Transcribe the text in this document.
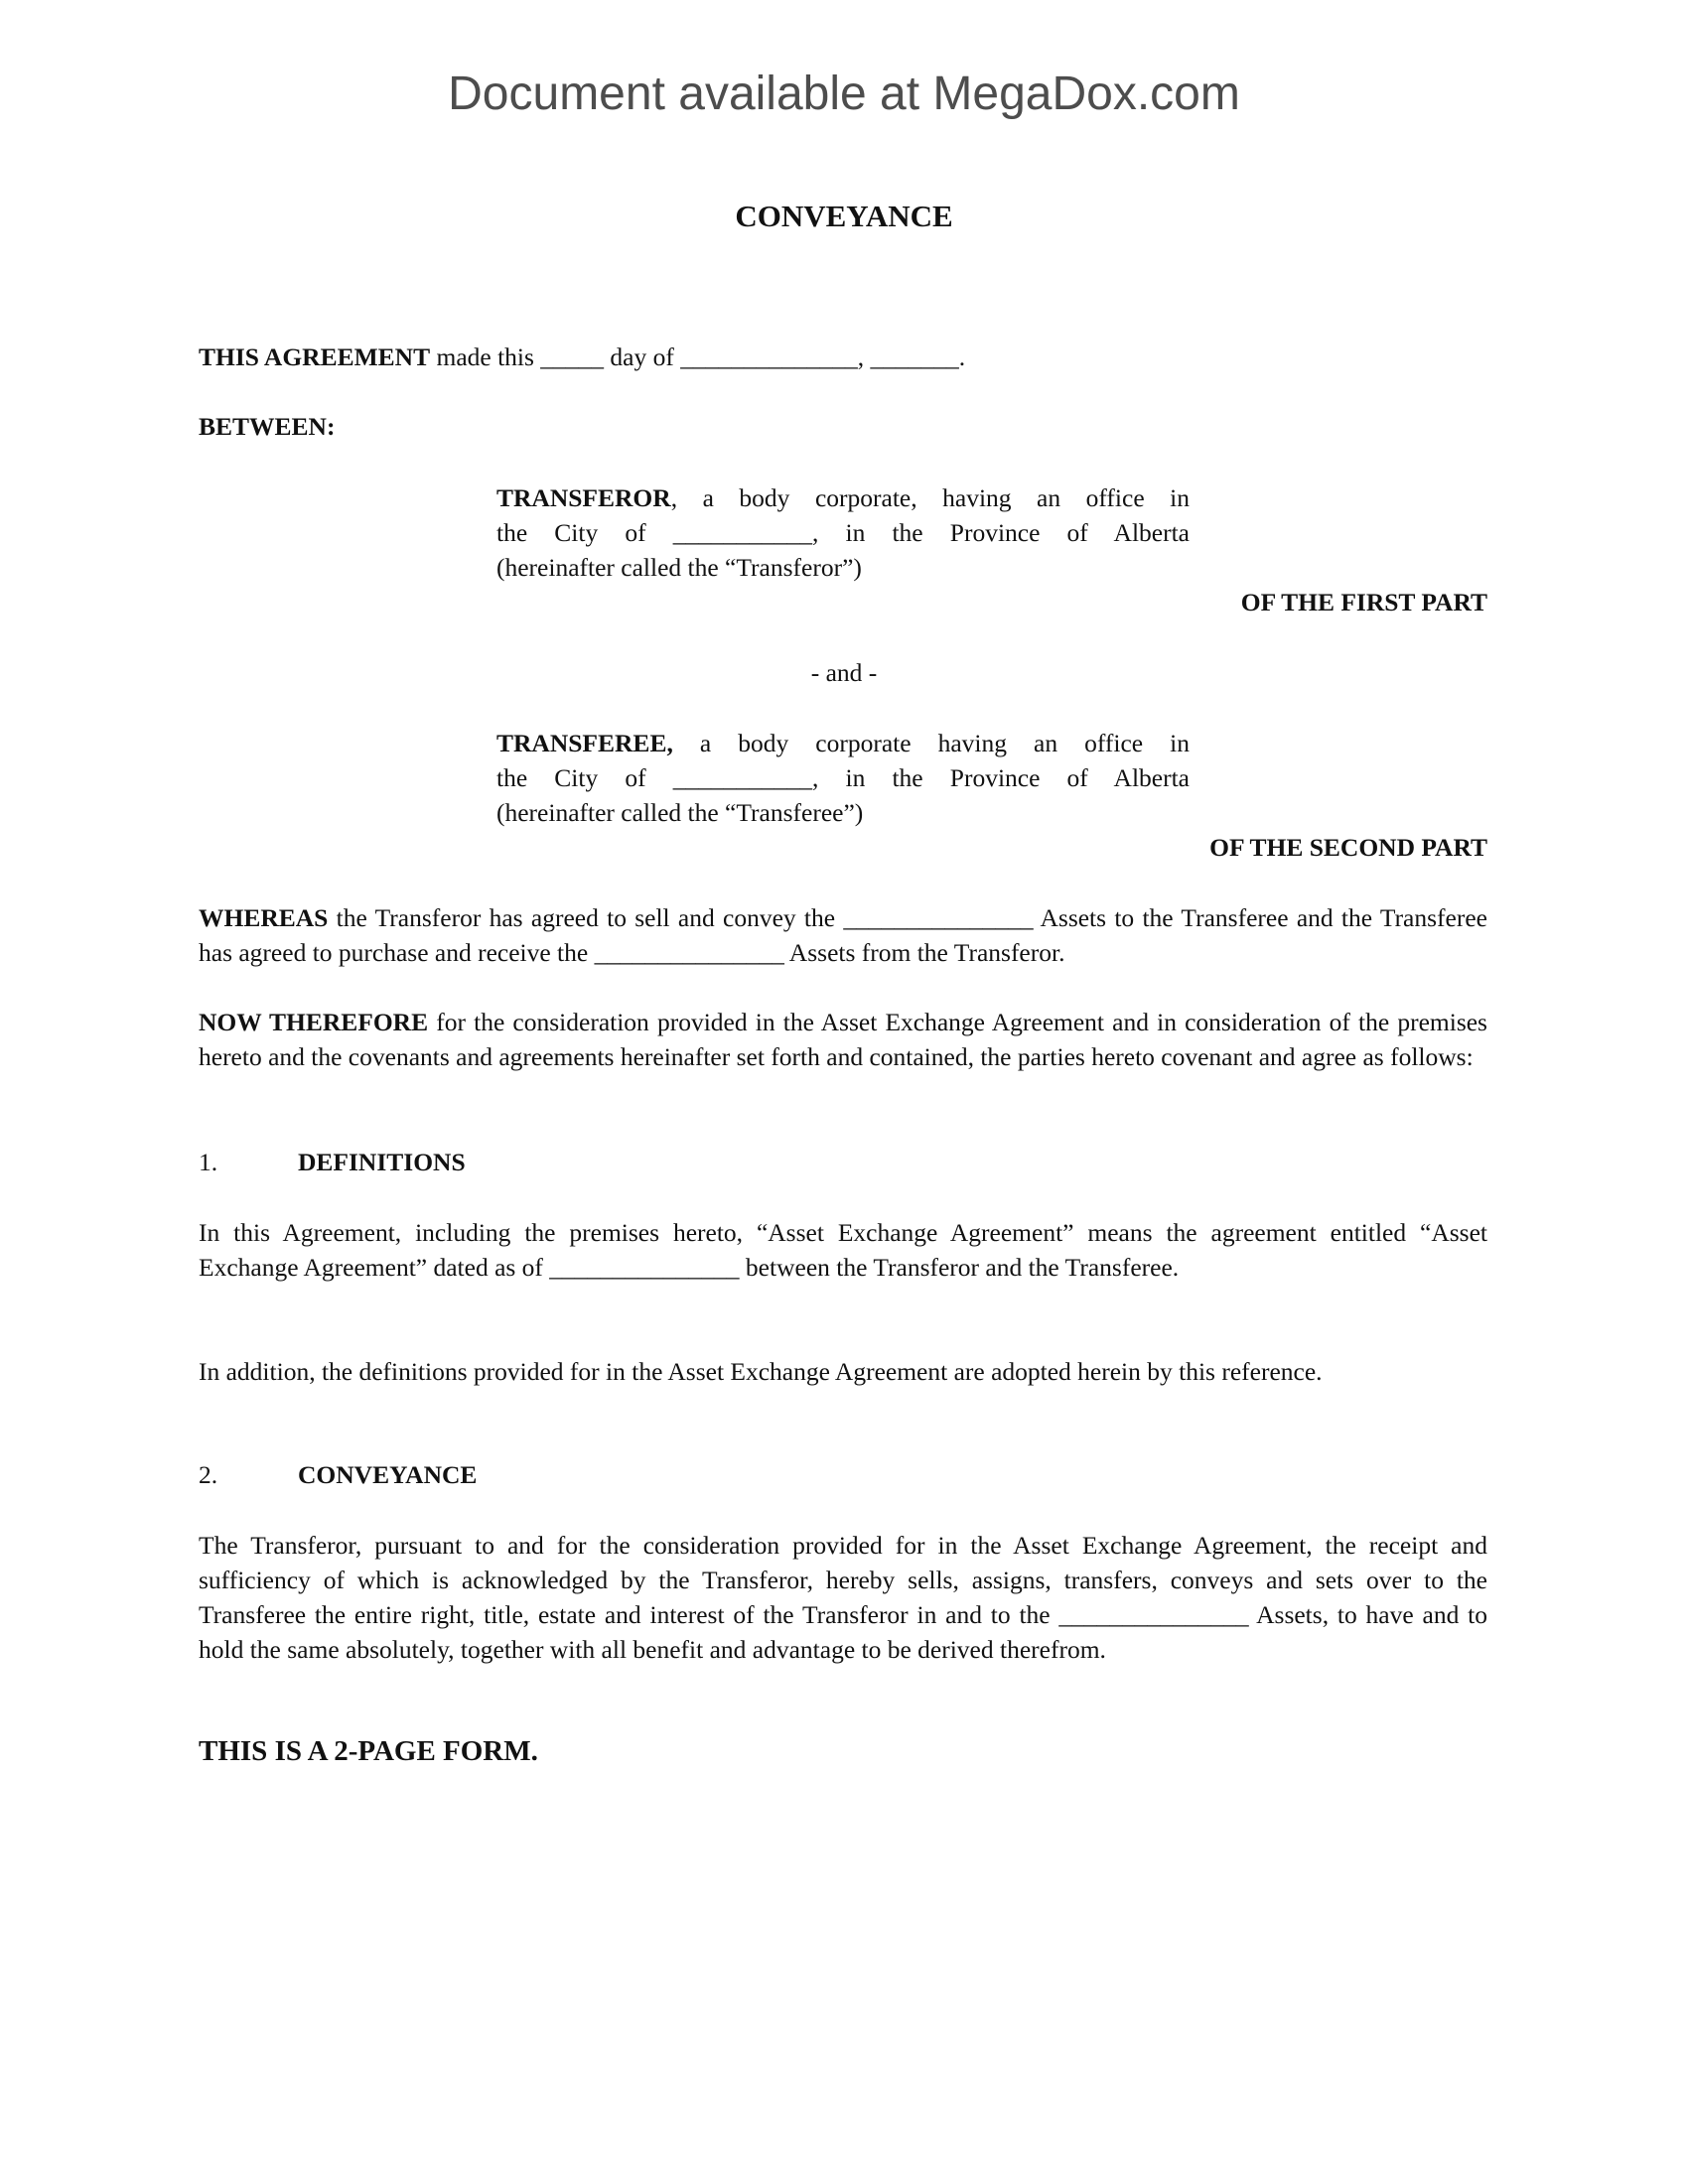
Document available at MegaDox.com
CONVEYANCE
THIS AGREEMENT made this _____ day of ______________, _______.
BETWEEN:
TRANSFEROR, a body corporate, having an office in
the City of ___________, in the Province of Alberta
(hereinafter called the “Transferor”)
OF THE FIRST PART
- and -
TRANSFEREE, a body corporate having an office in
the City of ___________, in the Province of Alberta
(hereinafter called the “Transferee”)
OF THE SECOND PART
WHEREAS the Transferor has agreed to sell and convey the _______________ Assets to the Transferee and the Transferee has agreed to purchase and receive the _______________ Assets from the Transferor.
NOW THEREFORE for the consideration provided in the Asset Exchange Agreement and in consideration of the premises hereto and the covenants and agreements hereinafter set forth and contained, the parties hereto covenant and agree as follows:
1.	DEFINITIONS
In this Agreement, including the premises hereto, “Asset Exchange Agreement” means the agreement entitled “Asset Exchange Agreement” dated as of _______________ between the Transferor and the Transferee.
In addition, the definitions provided for in the Asset Exchange Agreement are adopted herein by this reference.
2.	CONVEYANCE
The Transferor, pursuant to and for the consideration provided for in the Asset Exchange Agreement, the receipt and sufficiency of which is acknowledged by the Transferor, hereby sells, assigns, transfers, conveys and sets over to the Transferee the entire right, title, estate and interest of the Transferor in and to the _______________ Assets, to have and to hold the same absolutely, together with all benefit and advantage to be derived therefrom.
THIS IS A 2-PAGE FORM.
